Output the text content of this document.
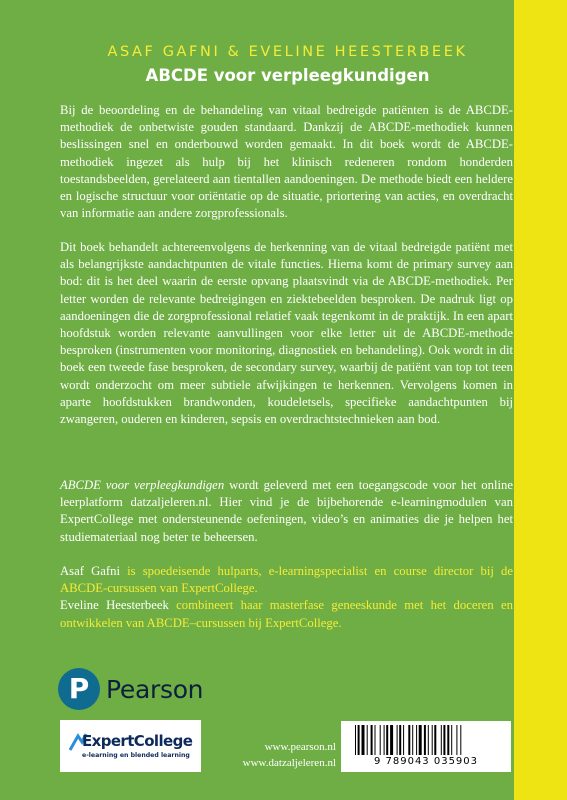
ASAF GAFNI & EVELINE HEESTERBEEK
ABCDE voor verpleegkundigen

Bij de beoordeling en de behandeling van vitaal bedreigde patiënten is de ABCDE-methodiek de onbetwiste gouden standaard. Dankzij de ABCDE-methodiek kunnen beslissingen snel en onderbouwd worden gemaakt. In dit boek wordt de ABCDE-methodiek ingezet als hulp bij het klinisch redeneren rondom honderden toestandsbeelden, gerelateerd aan tientallen aandoeningen. De methode biedt een heldere en logische structuur voor oriëntatie op de situatie, priortering van acties, en overdracht van informatie aan andere zorgprofessionals.

Dit boek behandelt achtereenvolgens de herkenning van de vitaal bedreigde patiënt met als belangrijkste aandachtpunten de vitale functies. Hierna komt de primary survey aan bod: dit is het deel waarin de eerste opvang plaatsvindt via de ABCDE-methodiek. Per letter worden de relevante bedreigingen en ziektebeelden besproken. De nadruk ligt op aandoeningen die de zorgprofessional relatief vaak tegenkomt in de praktijk. In een apart hoofdstuk worden relevante aanvullingen voor elke letter uit de ABCDE-methode besproken (instrumenten voor monitoring, diagnostiek en behandeling). Ook wordt in dit boek een tweede fase besproken, de secondary survey, waarbij de patiënt van top tot teen wordt onderzocht om meer subtiele afwijkingen te herkennen. Vervolgens komen in aparte hoofdstukken brandwonden, koudeletsels, specifieke aandachtpunten bij zwangeren, ouderen en kinderen, sepsis en overdrachtstechnieken aan bod.

ABCDE voor verpleegkundigen wordt geleverd met een toegangscode voor het online leerplatform datzaljeleren.nl. Hier vind je de bijbehorende e-learningmodulen van ExpertCollege met ondersteunende oefeningen, video’s en animaties die je helpen het studiemateriaal nog beter te beheersen.

Asaf Gafni is spoedeisende hulparts, e-learningspecialist en course director bij de ABCDE-cursussen van ExpertCollege.
Eveline Heesterbeek combineert haar masterfase geneeskunde met het doceren en ontwikkelen van ABCDE–cursussen bij ExpertCollege.

P Pearson
ExpertCollege
e-learning en blended learning
www.pearson.nl
www.datzaljeleren.nl	9 789043 035903
